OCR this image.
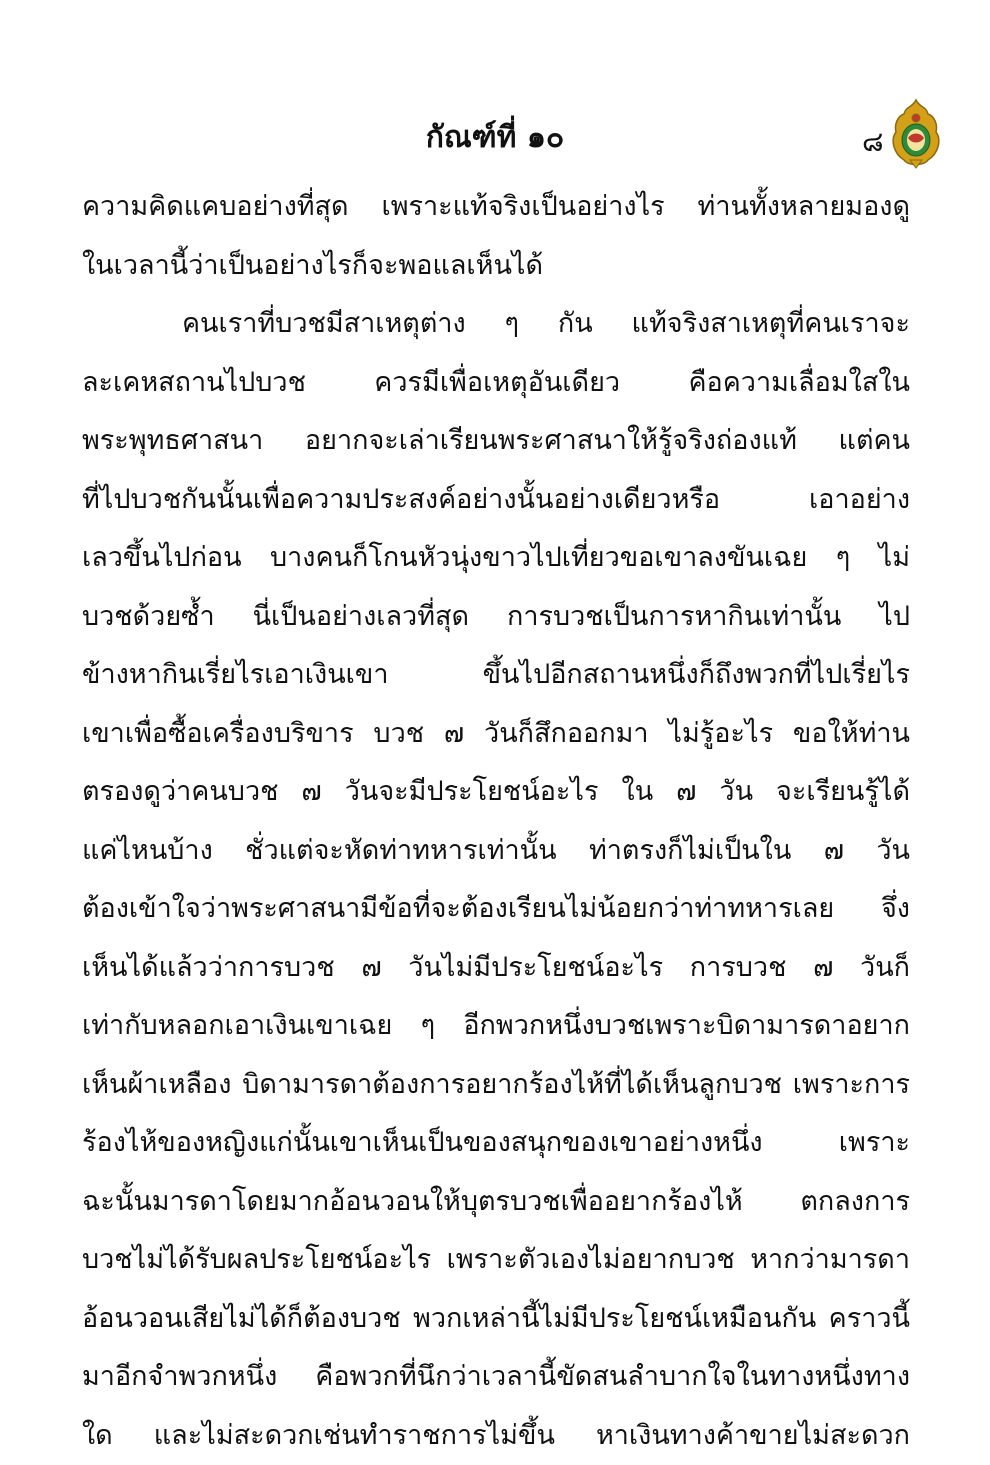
กัณฑ์ที่ ๑๐	๘
ความคิดแคบอย่างที่สุด เพราะแท้จริงเป็นอย่างไร ท่านทั้งหลายมองดู
ในเวลานี้ว่าเป็นอย่างไรก็จะพอแลเห็นได้
คนเราที่บวชมีสาเหตุต่าง ๆ กัน แท้จริงสาเหตุที่คนเราจะ
ละเคหสถานไปบวช ควรมีเพื่อเหตุอันเดียว คือความเลื่อมใสใน
พระพุทธศาสนา อยากจะเล่าเรียนพระศาสนาให้รู้จริงถ่องแท้ แต่คน
ที่ไปบวชกันนั้นเพื่อความประสงค์อย่างนั้นอย่างเดียวหรือ เอาอย่าง
เลวขึ้นไปก่อน บางคนก็โกนหัวนุ่งขาวไปเที่ยวขอเขาลงขันเฉย ๆ ไม่
บวชด้วยซ้ำ นี่เป็นอย่างเลวที่สุด การบวชเป็นการหากินเท่านั้น ไป
ข้างหากินเรี่ยไรเอาเงินเขา ขึ้นไปอีกสถานหนึ่งก็ถึงพวกที่ไปเรี่ยไร
เขาเพื่อซื้อเครื่องบริขาร บวช ๗ วันก็สึกออกมา ไม่รู้อะไร ขอให้ท่าน
ตรองดูว่าคนบวช ๗ วันจะมีประโยชน์อะไร ใน ๗ วัน จะเรียนรู้ได้
แค่ไหนบ้าง ชั่วแต่จะหัดท่าทหารเท่านั้น ท่าตรงก็ไม่เป็นใน ๗ วัน
ต้องเข้าใจว่าพระศาสนามีข้อที่จะต้องเรียนไม่น้อยกว่าท่าทหารเลย จึ่ง
เห็นได้แล้วว่าการบวช ๗ วันไม่มีประโยชน์อะไร การบวช ๗ วันก็
เท่ากับหลอกเอาเงินเขาเฉย ๆ อีกพวกหนึ่งบวชเพราะบิดามารดาอยาก
เห็นผ้าเหลือง บิดามารดาต้องการอยากร้องไห้ที่ได้เห็นลูกบวช เพราะการ
ร้องไห้ของหญิงแก่นั้นเขาเห็นเป็นของสนุกของเขาอย่างหนึ่ง เพราะ
ฉะนั้นมารดาโดยมากอ้อนวอนให้บุตรบวชเพื่ออยากร้องไห้ ตกลงการ
บวชไม่ได้รับผลประโยชน์อะไร เพราะตัวเองไม่อยากบวช หากว่ามารดา
อ้อนวอนเสียไม่ได้ก็ต้องบวช พวกเหล่านี้ไม่มีประโยชน์เหมือนกัน คราวนี้
มาอีกจำพวกหนึ่ง คือพวกที่นึกว่าเวลานี้ขัดสนลำบากใจในทางหนึ่งทาง
ใด และไม่สะดวกเช่นทำราชการไม่ขึ้น หาเงินทางค้าขายไม่สะดวก
